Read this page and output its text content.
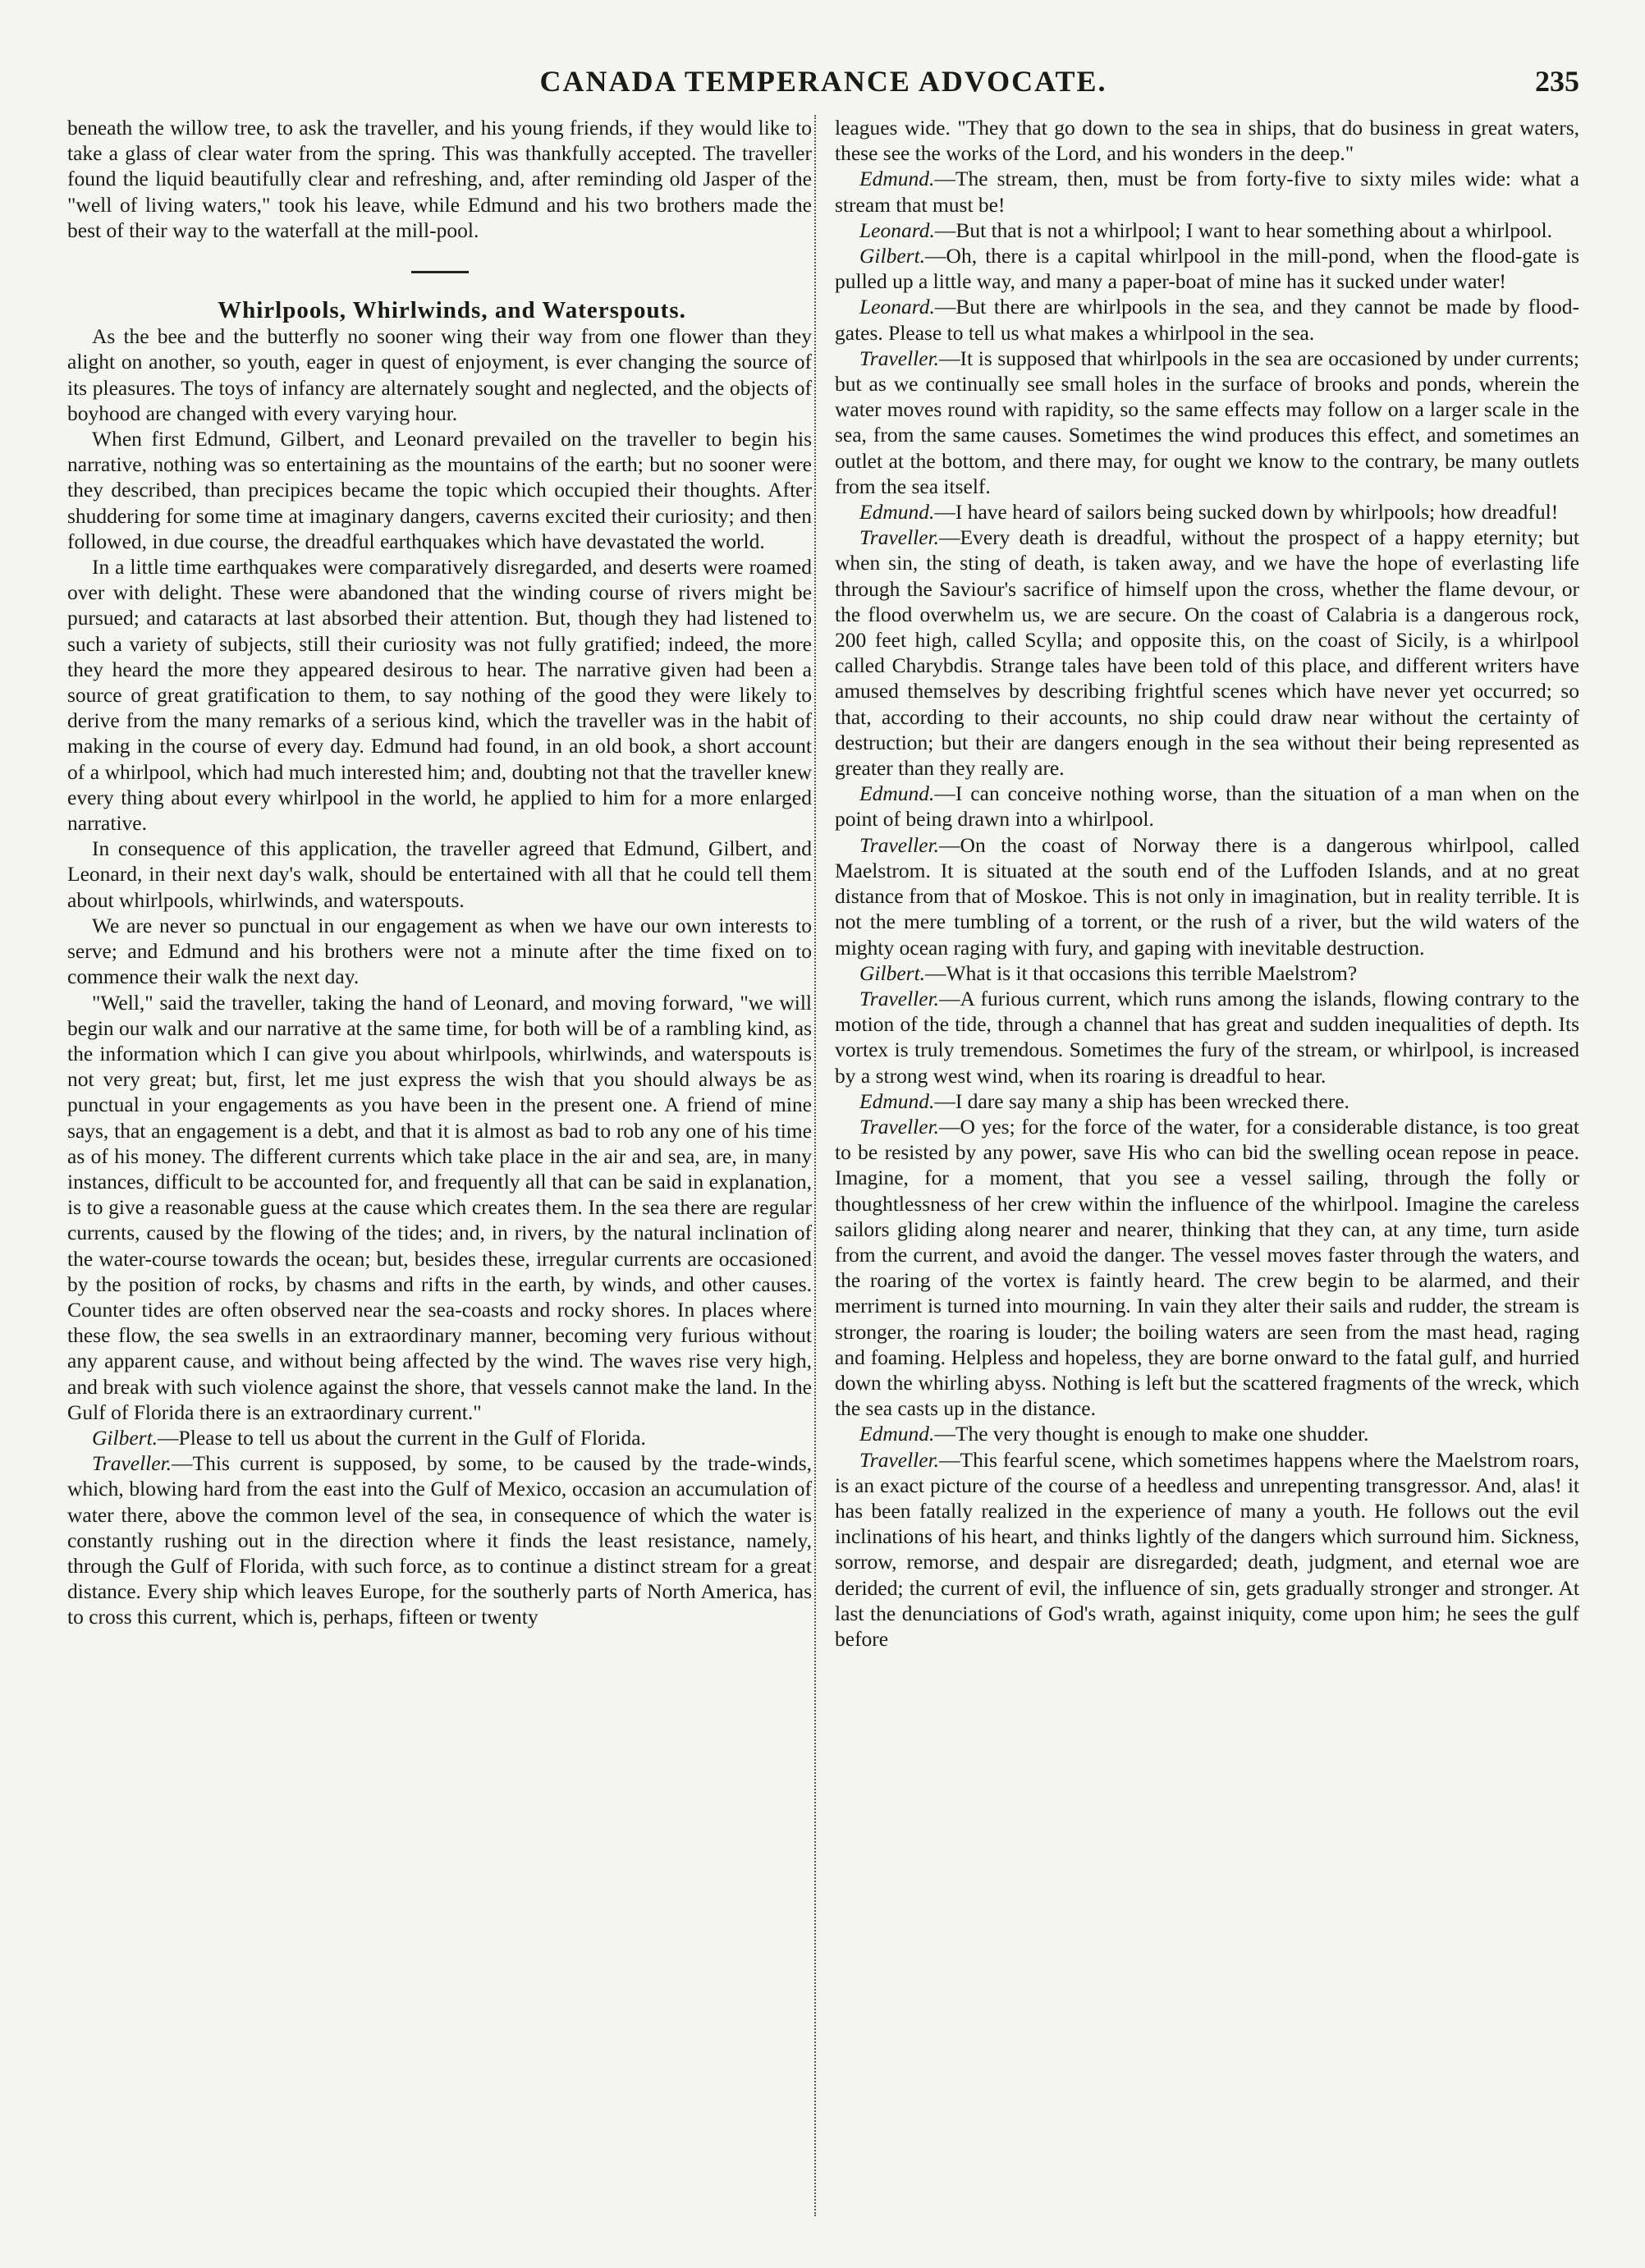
CANADA TEMPERANCE ADVOCATE.	235

beneath the willow tree, to ask the traveller, and his young friends, if they would like to take a glass of clear water from the spring. This was thankfully accepted. The traveller found the liquid beautifully clear and refreshing, and, after reminding old Jasper of the "well of living waters," took his leave, while Edmund and his two brothers made the best of their way to the waterfall at the mill-pool.

Whirlpools, Whirlwinds, and Waterspouts.

As the bee and the butterfly no sooner wing their way from one flower than they alight on another, so youth, eager in quest of enjoyment, is ever changing the source of its pleasures. The toys of infancy are alternately sought and neglected, and the objects of boyhood are changed with every varying hour.

When first Edmund, Gilbert, and Leonard prevailed on the traveller to begin his narrative, nothing was so entertaining as the mountains of the earth; but no sooner were they described, than precipices became the topic which occupied their thoughts. After shuddering for some time at imaginary dangers, caverns excited their curiosity; and then followed, in due course, the dreadful earthquakes which have devastated the world.

In a little time earthquakes were comparatively disregarded, and deserts were roamed over with delight. These were abandoned that the winding course of rivers might be pursued; and cataracts at last absorbed their attention. But, though they had listened to such a variety of subjects, still their curiosity was not fully gratified; indeed, the more they heard the more they appeared desirous to hear. The narrative given had been a source of great gratification to them, to say nothing of the good they were likely to derive from the many remarks of a serious kind, which the traveller was in the habit of making in the course of every day. Edmund had found, in an old book, a short account of a whirlpool, which had much interested him; and, doubting not that the traveller knew every thing about every whirlpool in the world, he applied to him for a more enlarged narrative.

In consequence of this application, the traveller agreed that Edmund, Gilbert, and Leonard, in their next day's walk, should be entertained with all that he could tell them about whirlpools, whirlwinds, and waterspouts.

We are never so punctual in our engagement as when we have our own interests to serve; and Edmund and his brothers were not a minute after the time fixed on to commence their walk the next day.

"Well," said the traveller, taking the hand of Leonard, and moving forward, "we will begin our walk and our narrative at the same time, for both will be of a rambling kind, as the information which I can give you about whirlpools, whirlwinds, and waterspouts is not very great; but, first, let me just express the wish that you should always be as punctual in your engagements as you have been in the present one. A friend of mine says, that an engagement is a debt, and that it is almost as bad to rob any one of his time as of his money. The different currents which take place in the air and sea, are, in many instances, difficult to be accounted for, and frequently all that can be said in explanation, is to give a reasonable guess at the cause which creates them. In the sea there are regular currents, caused by the flowing of the tides; and, in rivers, by the natural inclination of the water-course towards the ocean; but, besides these, irregular currents are occasioned by the position of rocks, by chasms and rifts in the earth, by winds, and other causes. Counter tides are often observed near the sea-coasts and rocky shores. In places where these flow, the sea swells in an extraordinary manner, becoming very furious without any apparent cause, and without being affected by the wind. The waves rise very high, and break with such violence against the shore, that vessels cannot make the land. In the Gulf of Florida there is an extraordinary current."

Gilbert.—Please to tell us about the current in the Gulf of Florida.

Traveller.—This current is supposed, by some, to be caused by the trade-winds, which, blowing hard from the east into the Gulf of Mexico, occasion an accumulation of water there, above the common level of the sea, in consequence of which the water is constantly rushing out in the direction where it finds the least resistance, namely, through the Gulf of Florida, with such force, as to continue a distinct stream for a great distance. Every ship which leaves Europe, for the southerly parts of North America, has to cross this current, which is, perhaps, fifteen or twenty

leagues wide. "They that go down to the sea in ships, that do business in great waters, these see the works of the Lord, and his wonders in the deep."

Edmund.—The stream, then, must be from forty-five to sixty miles wide: what a stream that must be!

Leonard.—But that is not a whirlpool; I want to hear something about a whirlpool.

Gilbert.—Oh, there is a capital whirlpool in the mill-pond, when the flood-gate is pulled up a little way, and many a paper-boat of mine has it sucked under water!

Leonard.—But there are whirlpools in the sea, and they cannot be made by flood-gates. Please to tell us what makes a whirlpool in the sea.

Traveller.—It is supposed that whirlpools in the sea are occasioned by under currents; but as we continually see small holes in the surface of brooks and ponds, wherein the water moves round with rapidity, so the same effects may follow on a larger scale in the sea, from the same causes. Sometimes the wind produces this effect, and sometimes an outlet at the bottom, and there may, for ought we know to the contrary, be many outlets from the sea itself.

Edmund.—I have heard of sailors being sucked down by whirlpools; how dreadful!

Traveller.—Every death is dreadful, without the prospect of a happy eternity; but when sin, the sting of death, is taken away, and we have the hope of everlasting life through the Saviour's sacrifice of himself upon the cross, whether the flame devour, or the flood overwhelm us, we are secure. On the coast of Calabria is a dangerous rock, 200 feet high, called Scylla; and opposite this, on the coast of Sicily, is a whirlpool called Charybdis. Strange tales have been told of this place, and different writers have amused themselves by describing frightful scenes which have never yet occurred; so that, according to their accounts, no ship could draw near without the certainty of destruction; but their are dangers enough in the sea without their being represented as greater than they really are.

Edmund.—I can conceive nothing worse, than the situation of a man when on the point of being drawn into a whirlpool.

Traveller.—On the coast of Norway there is a dangerous whirlpool, called Maelstrom. It is situated at the south end of the Luffoden Islands, and at no great distance from that of Moskoe. This is not only in imagination, but in reality terrible. It is not the mere tumbling of a torrent, or the rush of a river, but the wild waters of the mighty ocean raging with fury, and gaping with inevitable destruction.

Gilbert.—What is it that occasions this terrible Maelstrom?

Traveller.—A furious current, which runs among the islands, flowing contrary to the motion of the tide, through a channel that has great and sudden inequalities of depth. Its vortex is truly tremendous. Sometimes the fury of the stream, or whirlpool, is increased by a strong west wind, when its roaring is dreadful to hear.

Edmund.—I dare say many a ship has been wrecked there.

Traveller.—O yes; for the force of the water, for a considerable distance, is too great to be resisted by any power, save His who can bid the swelling ocean repose in peace. Imagine, for a moment, that you see a vessel sailing, through the folly or thoughtlessness of her crew within the influence of the whirlpool. Imagine the careless sailors gliding along nearer and nearer, thinking that they can, at any time, turn aside from the current, and avoid the danger. The vessel moves faster through the waters, and the roaring of the vortex is faintly heard. The crew begin to be alarmed, and their merriment is turned into mourning. In vain they alter their sails and rudder, the stream is stronger, the roaring is louder; the boiling waters are seen from the mast head, raging and foaming. Helpless and hopeless, they are borne onward to the fatal gulf, and hurried down the whirling abyss. Nothing is left but the scattered fragments of the wreck, which the sea casts up in the distance.

Edmund.—The very thought is enough to make one shudder.

Traveller.—This fearful scene, which sometimes happens where the Maelstrom roars, is an exact picture of the course of a heedless and unrepenting transgressor. And, alas! it has been fatally realized in the experience of many a youth. He follows out the evil inclinations of his heart, and thinks lightly of the dangers which surround him. Sickness, sorrow, remorse, and despair are disregarded; death, judgment, and eternal woe are derided; the current of evil, the influence of sin, gets gradually stronger and stronger. At last the denunciations of God's wrath, against iniquity, come upon him; he sees the gulf before
